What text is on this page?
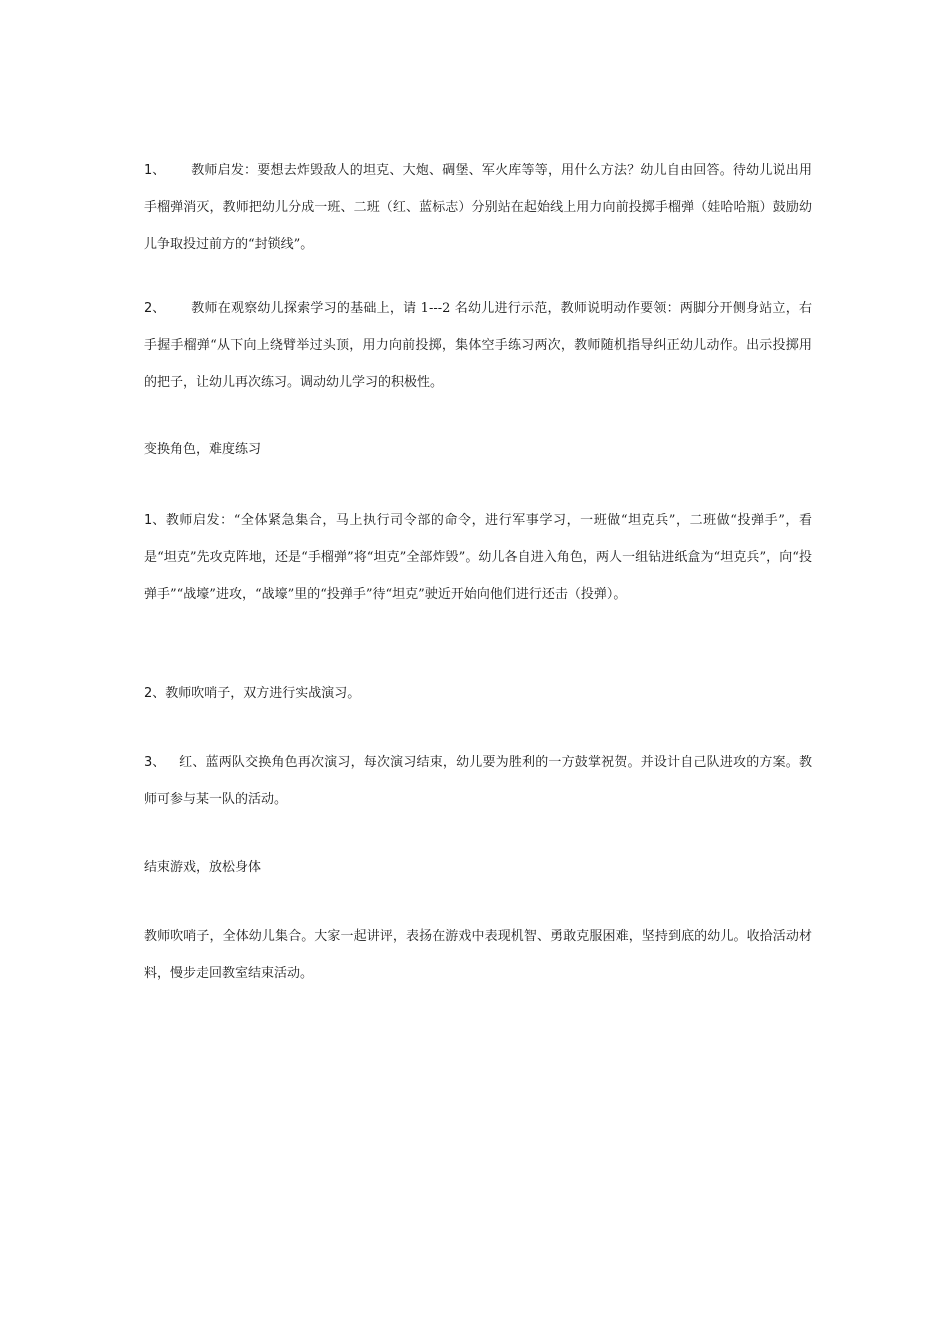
1、 教师启发：要想去炸毁敌人的坦克、大炮、碉堡、军火库等等，用什么方法？幼儿自由回答。待幼儿说出用手榴弹消灭，教师把幼儿分成一班、二班（红、蓝标志）分别站在起始线上用力向前投掷手榴弹（娃哈哈瓶）鼓励幼儿争取投过前方的“封锁线”。

2、 教师在观察幼儿探索学习的基础上，请 1---2 名幼儿进行示范，教师说明动作要领：两脚分开侧身站立，右手握手榴弹“从下向上绕臂举过头顶，用力向前投掷，集体空手练习两次，教师随机指导纠正幼儿动作。出示投掷用的把子，让幼儿再次练习。调动幼儿学习的积极性。

变换角色，难度练习

1、教师启发：“全体紧急集合，马上执行司令部的命令，进行军事学习，一班做“坦克兵”，二班做“投弹手”，看是“坦克”先攻克阵地，还是“手榴弹”将“坦克”全部炸毁”。幼儿各自进入角色，两人一组钻进纸盒为“坦克兵”，向“投弹手”“战壕”进攻，“战壕”里的“投弹手”待“坦克”驶近开始向他们进行还击（投弹）。

2、教师吹哨子，双方进行实战演习。

3、 红、蓝两队交换角色再次演习，每次演习结束，幼儿要为胜利的一方鼓掌祝贺。并设计自己队进攻的方案。教师可参与某一队的活动。

结束游戏，放松身体

教师吹哨子，全体幼儿集合。大家一起讲评，表扬在游戏中表现机智、勇敢克服困难，坚持到底的幼儿。收拾活动材料，慢步走回教室结束活动。
